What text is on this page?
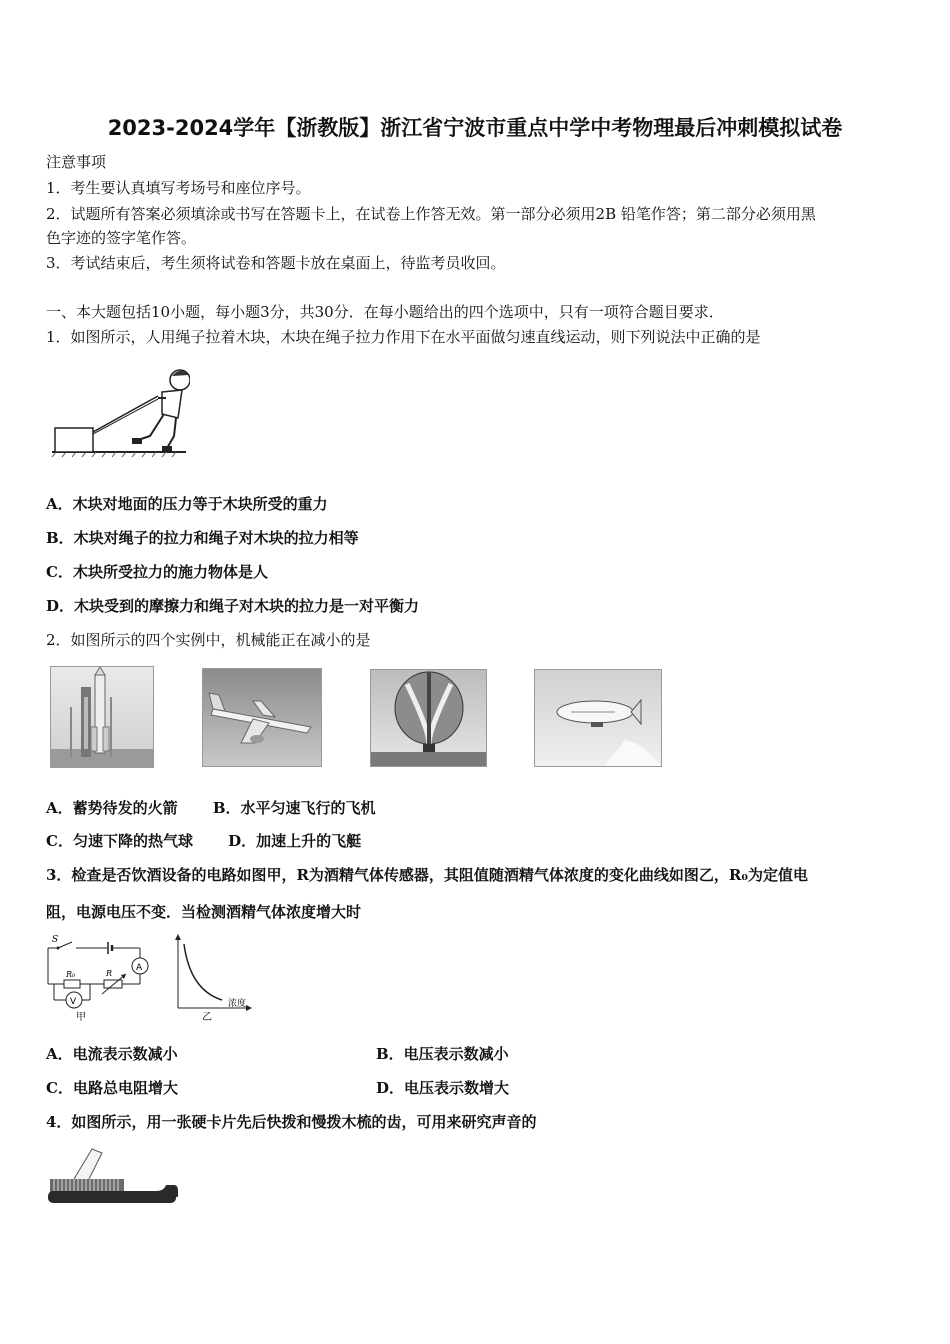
2023-2024学年【浙教版】浙江省宁波市重点中学中考物理最后冲刺模拟试卷
注意事项
1．考生要认真填写考场号和座位序号。
2．试题所有答案必须填涂或书写在答题卡上，在试卷上作答无效。第一部分必须用2B 铅笔作答；第二部分必须用黑
色字迹的签字笔作答。
3．考试结束后，考生须将试卷和答题卡放在桌面上，待监考员收回。
一、本大题包括10小题，每小题3分，共30分．在每小题给出的四个选项中，只有一项符合题目要求．
1．如图所示，人用绳子拉着木块，木块在绳子拉力作用下在水平面做匀速直线运动，则下列说法中正确的是
A．木块对地面的压力等于木块所受的重力
B．木块对绳子的拉力和绳子对木块的拉力相等
C．木块所受拉力的施力物体是人
D．木块受到的摩擦力和绳子对木块的拉力是一对平衡力
2．如图所示的四个实例中，机械能正在减小的是
A．蓄势待发的火箭　　 B．水平匀速飞行的飞机
C．匀速下降的热气球　　 D．加速上升的飞艇
3．检查是否饮酒设备的电路如图甲，R为酒精气体传感器，其阻值随酒精气体浓度的变化曲线如图乙，R₀为定值电
阻，电源电压不变．当检测酒精气体浓度增大时
S
R₀	R
A
V
甲
浓度
乙
A．电流表示数减小	B．电压表示数减小
C．电路总电阻增大	D．电压表示数增大
4．如图所示，用一张硬卡片先后快拨和慢拨木梳的齿，可用来研究声音的
